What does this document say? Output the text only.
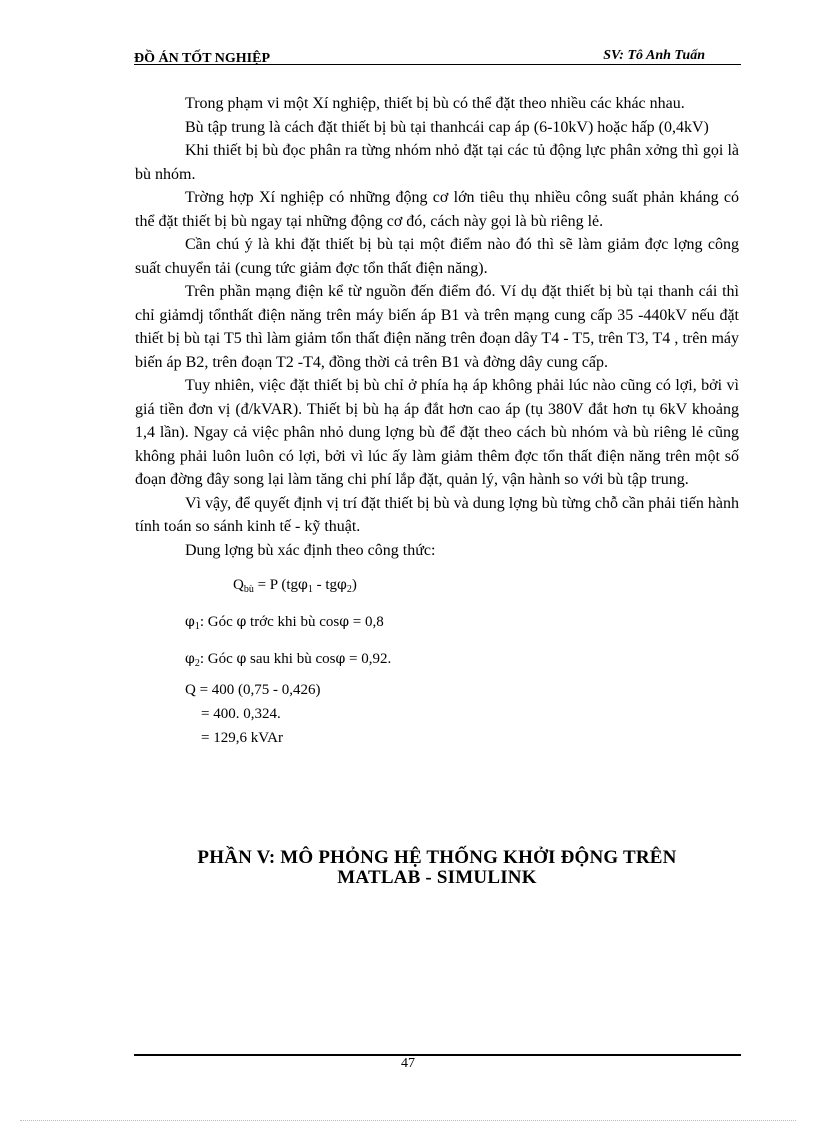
ĐỒ ÁN TỐT NGHIỆP	SV: Tô Anh Tuấn

Trong phạm vi một Xí nghiệp, thiết bị bù có thể đặt theo nhiều các khác nhau.

Bù tập trung là cách đặt thiết bị bù tại thanhcái cap áp (6-10kV) hoặc hấp (0,4kV)

Khi thiết bị bù đọc phân ra từng nhóm nhỏ đặt tại các tủ động lực phân xởng thì gọi là bù nhóm.

Trờng hợp Xí nghiệp có những động cơ lớn tiêu thụ nhiều công suất phản kháng có thể đặt thiết bị bù ngay tại những động cơ đó, cách này gọi là bù riêng lẻ.

Cần chú ý là khi đặt thiết bị bù tại một điểm nào đó thì sẽ làm giảm đợc lợng công suất chuyển tải (cung tức giảm đợc tổn thất điện năng).

Trên phần mạng điện kể từ nguồn đến điểm đó. Ví dụ đặt thiết bị bù tại thanh cái thì chỉ giảmdj tổnthất điện năng trên máy biến áp B1 và trên mạng cung cấp 35 -440kV nếu đặt thiết bị bù tại T5 thì làm giảm tổn thất điện năng trên đoạn dây T4 - T5, trên T3, T4 , trên máy biến áp B2, trên đoạn T2 -T4, đồng thời cả trên B1 và đờng dây cung cấp.

Tuy nhiên, việc đặt thiết bị bù chỉ ở phía hạ áp không phải lúc nào cũng có lợi, bởi vì giá tiền đơn vị (đ/kVAR). Thiết bị bù hạ áp đắt hơn cao áp (tụ 380V đắt hơn tụ 6kV khoảng 1,4 lần). Ngay cả việc phân nhỏ dung lợng bù để đặt theo cách bù nhóm và bù riêng lẻ cũng không phải luôn luôn có lợi, bởi vì lúc ấy làm giảm thêm đợc tổn thất điện năng trên một số đoạn đờng đây song lại làm tăng chi phí lắp đặt, quản lý, vận hành so với bù tập trung.

Vì vậy, để quyết định vị trí đặt thiết bị bù và dung lợng bù từng chỗ cần phải tiến hành tính toán so sánh kinh tế - kỹ thuật.

Dung lợng bù xác định theo công thức:

$Q_{bù} = P$ (tgφ$_1$ - tgφ$_2$)
$\varphi_1$: Góc φ trớc khi bù cosφ = 0,8
$\varphi_2$: Góc φ sau khi bù cosφ = 0,92.
Q = 400 (0,75 - 0,426)
= 400. 0,324.
= 129,6 kVAr
PHẦN V: MÔ PHỎNG HỆ THỐNG KHỞI ĐỘNG TRÊN
MATLAB - SIMULINK
47
